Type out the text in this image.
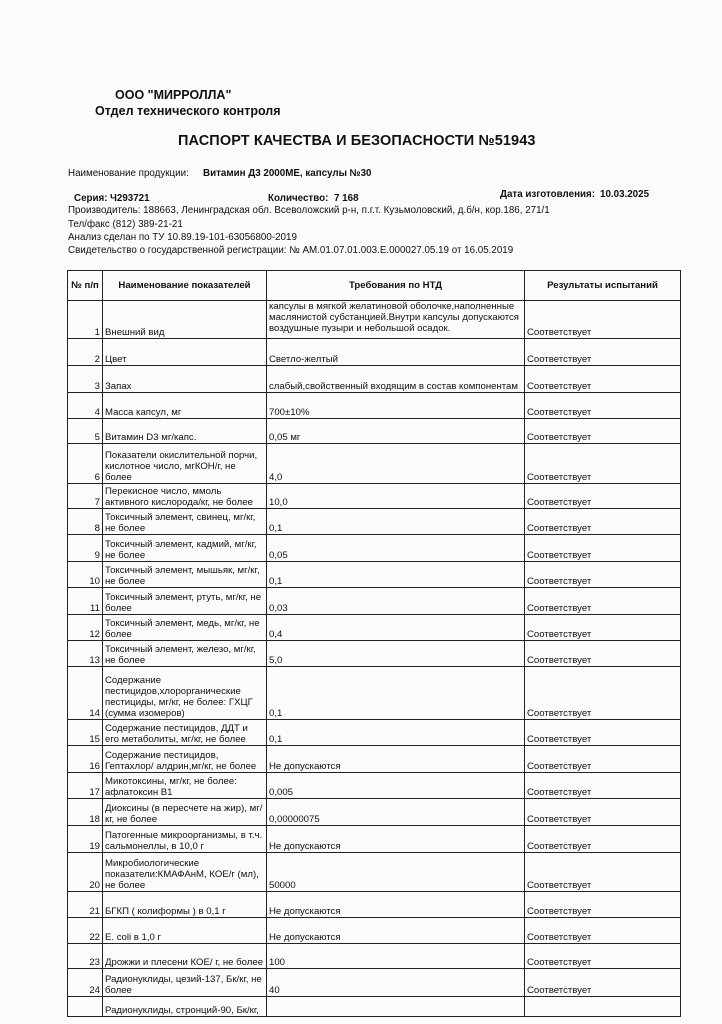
ООО "МИРРОЛЛА"
Отдел технического контроля
ПАСПОРТ КАЧЕСТВА И БЕЗОПАСНОСТИ №51943
Наименование продукции: Витамин Д3 2000МЕ, капсулы №30
Серия: Ч293721	Количество: 7 168	Дата изготовления: 10.03.2025
Производитель: 188663, Ленинградская обл. Всеволожский р-н, п.г.т. Кузьмоловский, д.б/н, кор.186, 271/1
Тел/факс (812) 389-21-21
Анализ сделан по ТУ 10.89.19-101-63056800-2019
Свидетельство о государственной регистрации: № АМ.01.07.01.003.Е.000027.05.19 от 16.05.2019
№ п/п	Наименование показателей	Требования по НТД	Результаты испытаний
1	Внешний вид	капсулы в мягкой желатиновой оболочке,наполненные масляниcтой субстанцией.Внутри капсулы допускаются воздушные пузыри и небольшой осадок.	Соответствует
2	Цвет	Светло-желтый	Соответствует
3	Запах	слабый,свойственный входящим в состав компонентам	Соответствует
4	Масса капсул, мг	700±10%	Соответствует
5	Витамин D3 мг/капс.	0,05 мг	Соответствует
6	Показатели окислительной порчи, кислотное число, мгКОН/г, не более	4,0	Соответствует
7	Перекисное число, ммоль активного кислорода/кг, не более	10,0	Соответствует
8	Токсичный элемент, свинец, мг/кг, не более	0,1	Соответствует
9	Токсичный элемент, кадмий, мг/кг, не более	0,05	Соответствует
10	Токсичный элемент, мышьяк, мг/кг, не более	0,1	Соответствует
11	Токсичный элемент, ртуть, мг/кг, не более	0,03	Соответствует
12	Токсичный элемент, медь, мг/кг, не более	0,4	Соответствует
13	Токсичный элемент, железо, мг/кг, не более	5,0	Соответствует
14	Содержание пестицидов,хлорорганические пестициды, мг/кг, не более: ГХЦГ (сумма изомеров)	0,1	Соответствует
15	Содержание пестицидов, ДДТ и его метаболиты, мг/кг, не более	0,1	Соответствует
16	Содержание пестицидов, Гептахлор/ алдрин,мг/кг, не более	Не допускаются	Соответствует
17	Микотоксины, мг/кг, не более: афлатоксин В1	0,005	Соответствует
18	Диоксины (в пересчете на жир), мг/кг, не более	0,00000075	Соответствует
19	Патогенные микроорганизмы, в т.ч. сальмонеллы, в 10,0 г	Не допускаются	Соответствует
20	Микробиологические показатели:КМАФАнМ, КОЕ/г (мл), не более	50000	Соответствует
21	БГКП ( колиформы ) в 0,1 г	Не допускаются	Соответствует
22	E. coli в 1,0 г	Не допускаются	Соответствует
23	Дрожжи и плесени КОЕ/ г, не более	100	Соответствует
24	Радионуклиды, цезий-137, Бк/кг, не более	40	Соответствует
	Радионуклиды, стронций-90, Бк/кг,		
